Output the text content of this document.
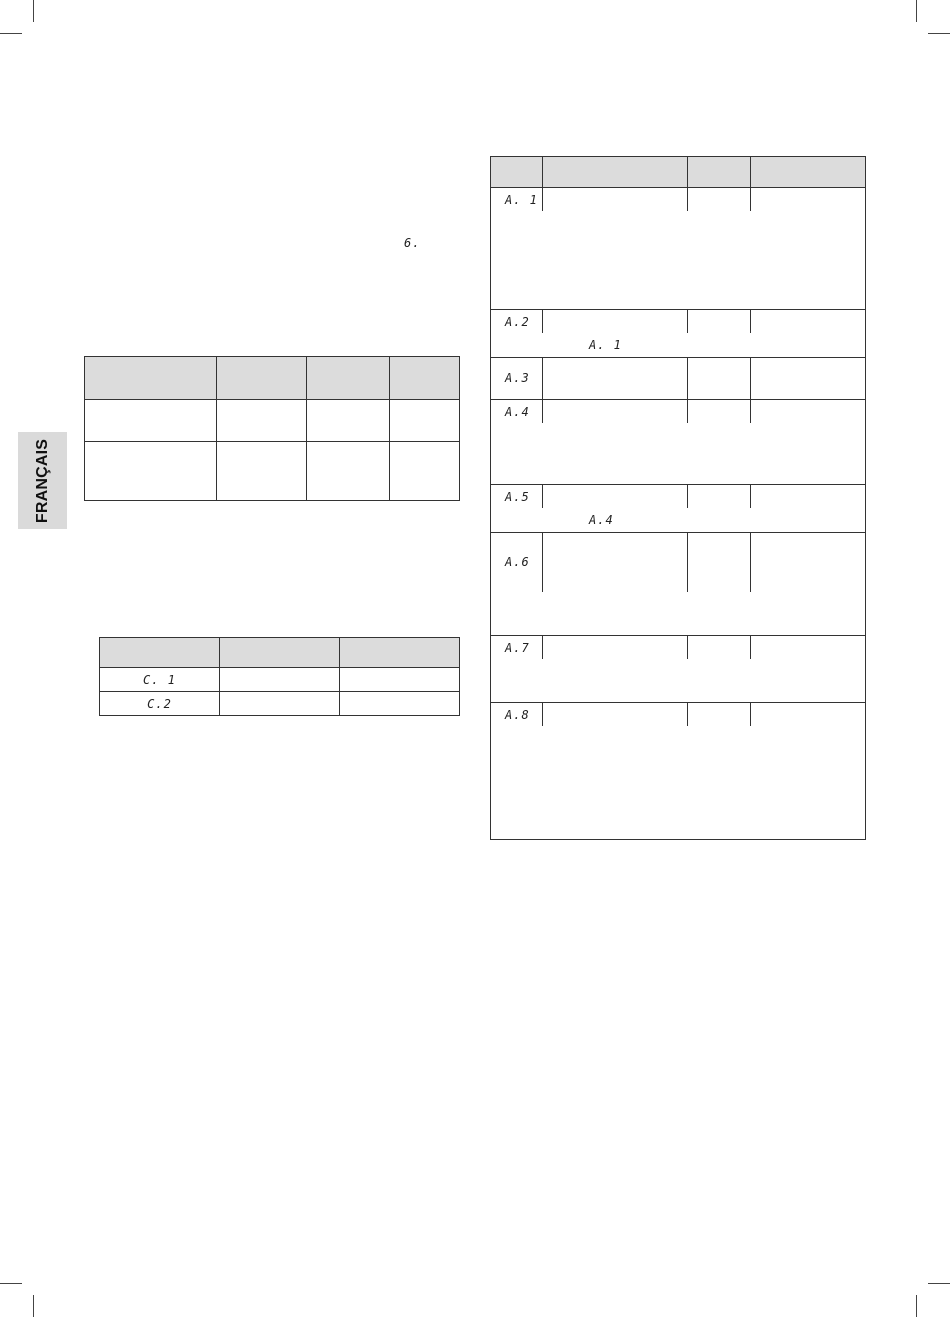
FRANÇAIS
6.

C. 1		
C.2		
A. 1
A.2
A. 1
A.3
A.4
A.5
A.4
A.6
A.7
A.8
